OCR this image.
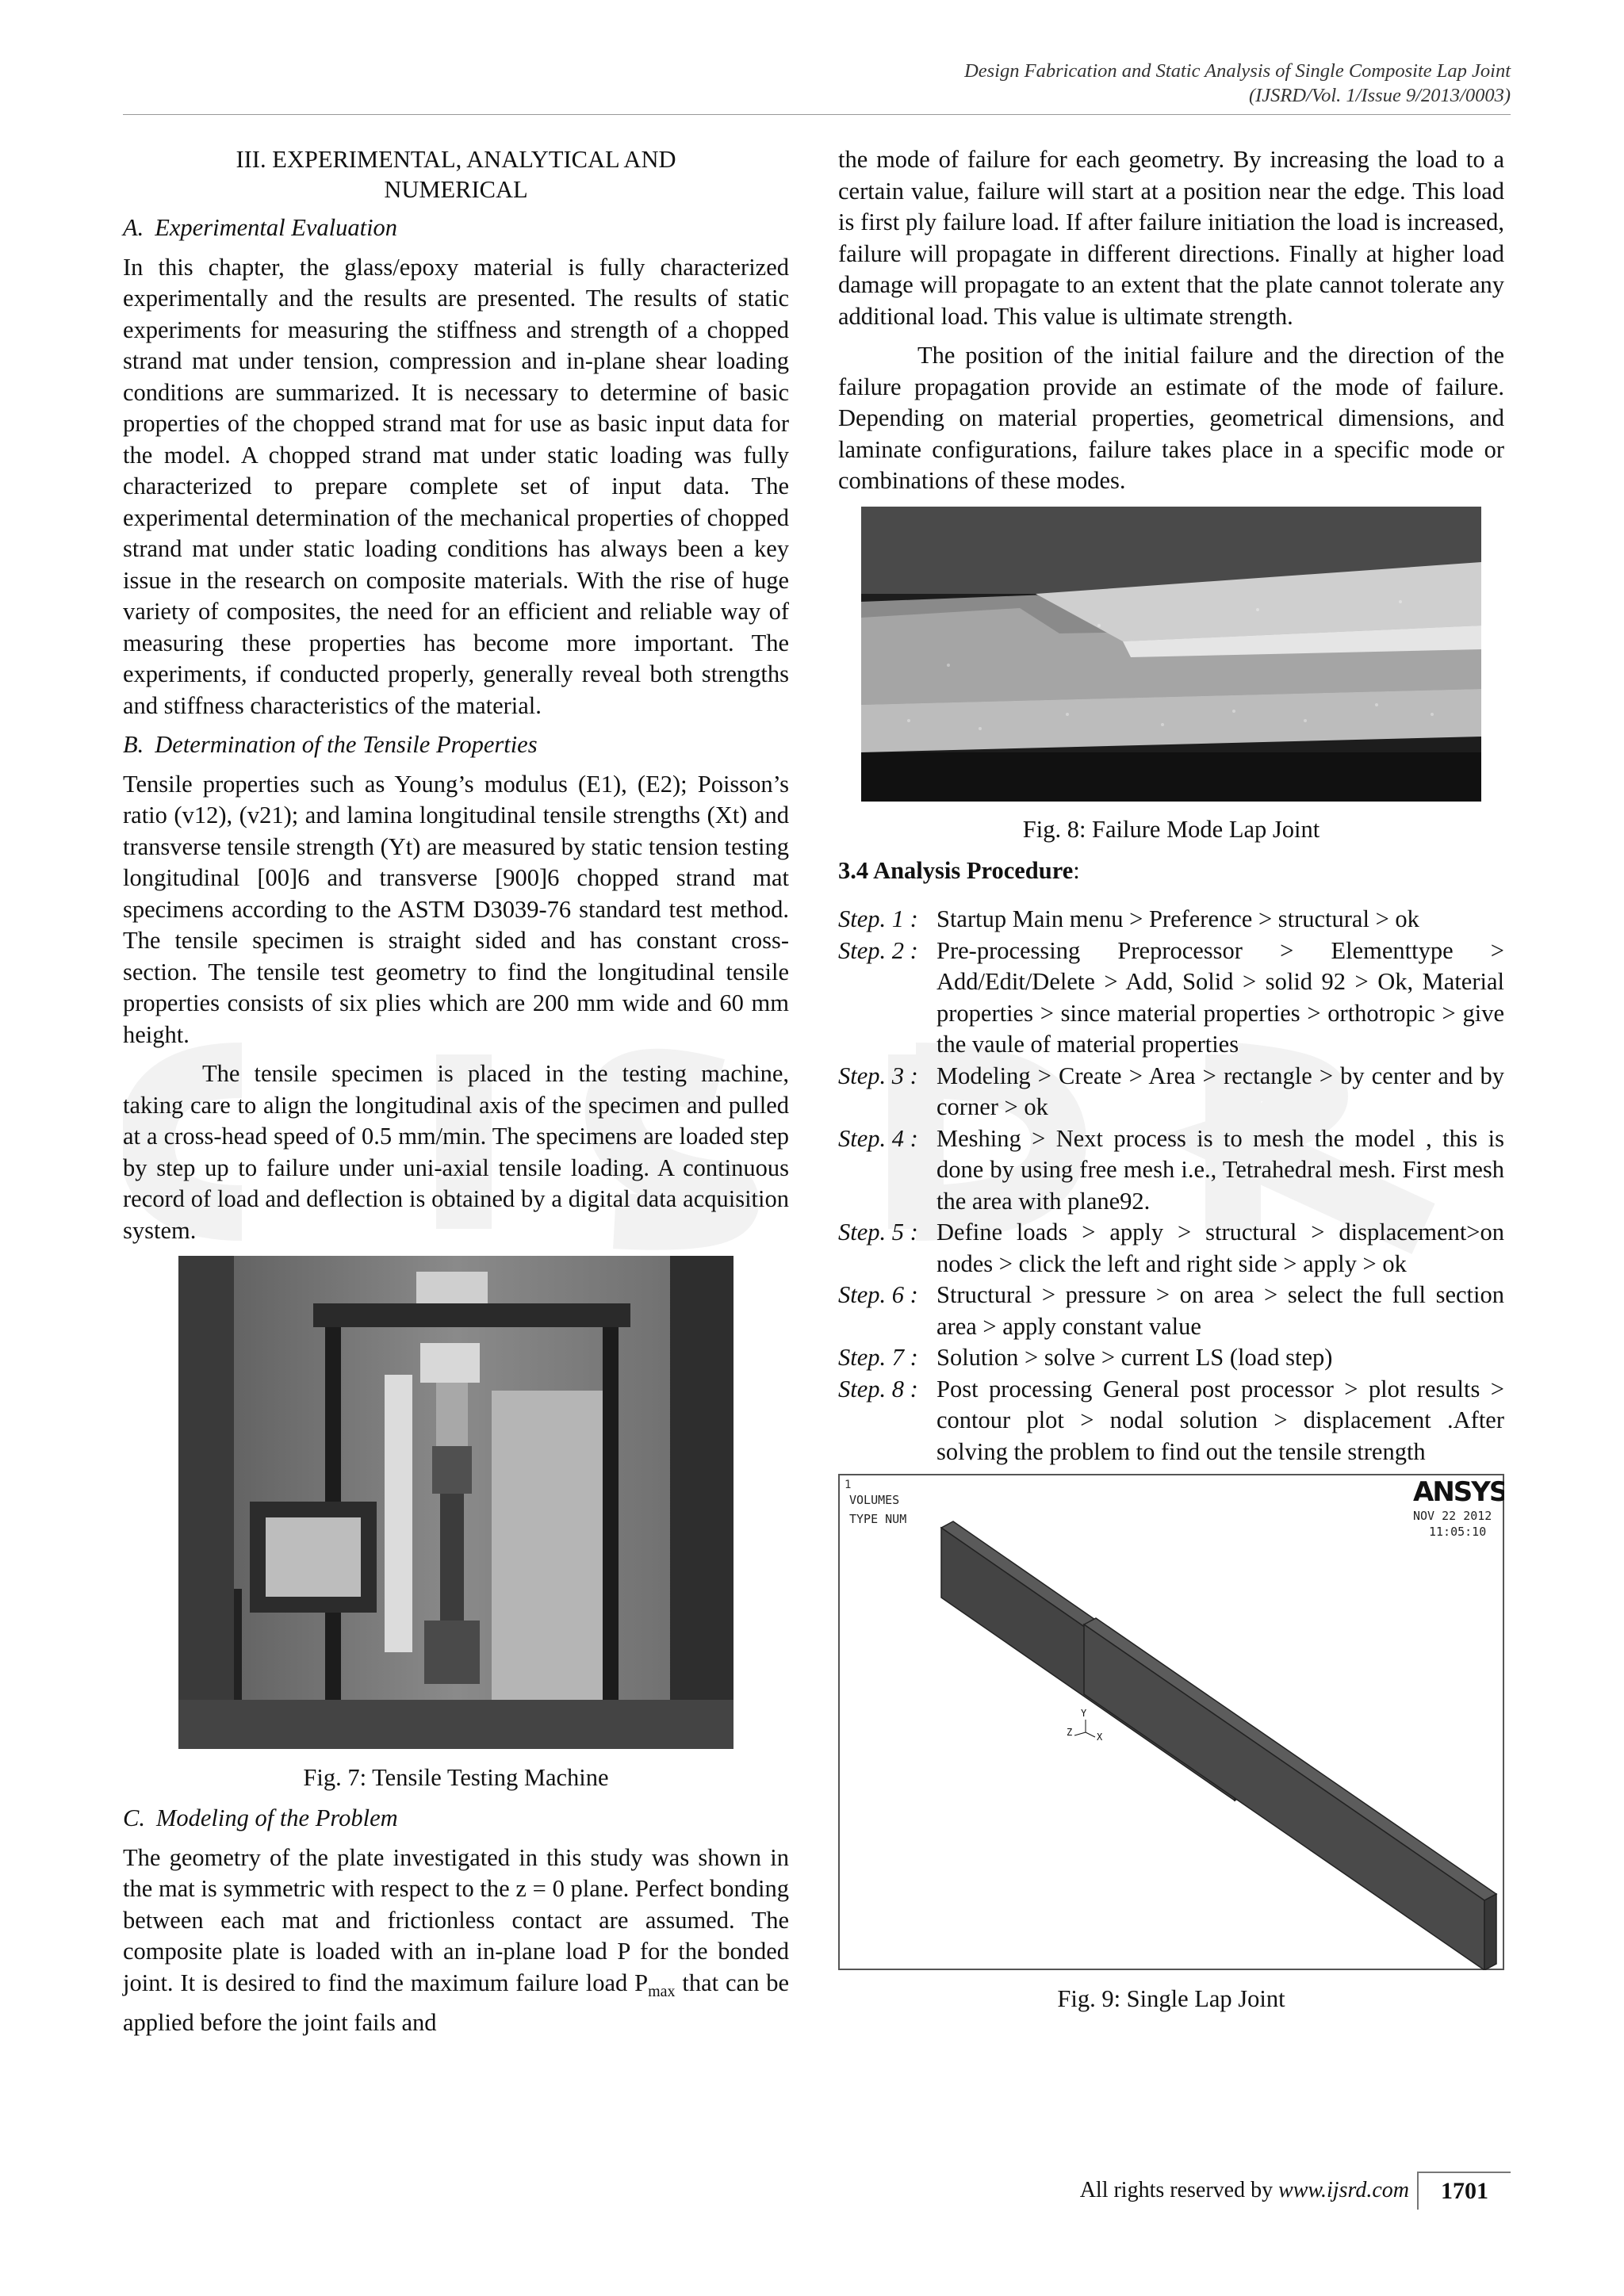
Design Fabrication and Static Analysis of Single Composite Lap Joint
(IJSRD/Vol. 1/Issue 9/2013/0003)
III. EXPERIMENTAL, ANALYTICAL AND NUMERICAL
A. Experimental Evaluation

In this chapter, the glass/epoxy material is fully characterized experimentally and the results are presented. The results of static experiments for measuring the stiffness and strength of a chopped strand mat under tension, compression and in-plane shear loading conditions are summarized. It is necessary to determine of basic properties of the chopped strand mat for use as basic input data for the model. A chopped strand mat under static loading was fully characterized to prepare complete set of input data. The experimental determination of the mechanical properties of chopped strand mat under static loading conditions has always been a key issue in the research on composite materials. With the rise of huge variety of composites, the need for an efficient and reliable way of measuring these properties has become more important. The experiments, if conducted properly, generally reveal both strengths and stiffness characteristics of the material.

B. Determination of the Tensile Properties

Tensile properties such as Young’s modulus (E1), (E2); Poisson’s ratio (v12), (v21); and lamina longitudinal tensile strengths (Xt) and transverse tensile strength (Yt) are measured by static tension testing longitudinal [00]6 and transverse [900]6 chopped strand mat specimens according to the ASTM D3039-76 standard test method. The tensile specimen is straight sided and has constant cross-section. The tensile test geometry to find the longitudinal tensile properties consists of six plies which are 200 mm wide and 60 mm height.

The tensile specimen is placed in the testing machine, taking care to align the longitudinal axis of the specimen and pulled at a cross-head speed of 0.5 mm/min. The specimens are loaded step by step up to failure under uni-axial tensile loading. A continuous record of load and deflection is obtained by a digital data acquisition system.

Fig. 7: Tensile Testing Machine
C. Modeling of the Problem

The geometry of the plate investigated in this study was shown in the mat is symmetric with respect to the z = 0 plane. Perfect bonding between each mat and frictionless contact are assumed. The composite plate is loaded with an in-plane load P for the bonded joint. It is desired to find the maximum failure load $P_{max}$ that can be applied before the joint fails and

the mode of failure for each geometry. By increasing the load to a certain value, failure will start at a position near the edge. This load is first ply failure load. If after failure initiation the load is increased, failure will propagate in different directions. Finally at higher load damage will propagate to an extent that the plate cannot tolerate any additional load. This value is ultimate strength.

The position of the initial failure and the direction of the failure propagation provide an estimate of the mode of failure. Depending on material properties, geometrical dimensions, and laminate configurations, failure takes place in a specific mode or combinations of these modes.

Fig. 8: Failure Mode Lap Joint
3.4 Analysis Procedure:
Step. 1 : Startup Main menu > Preference > structural > ok
Step. 2 : Pre-processing Preprocessor > Elementtype > Add/Edit/Delete > Add, Solid > solid 92 > Ok, Material properties > since material properties > orthotropic > give the vaule of material properties
Step. 3 : Modeling > Create > Area > rectangle > by center and by corner > ok
Step. 4 : Meshing > Next process is to mesh the model , this is done by using free mesh i.e., Tetrahedral mesh. First mesh the area with plane92.
Step. 5 : Define loads > apply > structural > displacement>on nodes > click the left and right side > apply > ok
Step. 6 : Structural > pressure > on area > select the full section area > apply constant value
Step. 7 : Solution > solve > current LS (load step)
Step. 8 : Post processing General post processor > plot results > contour plot > nodal solution > displacement .After solving the problem to find out the tensile strength
1
VOLUMES
TYPE NUM
ANSYS
NOV 22 2012
11:05:10
Y
Z	X
Fig. 9: Single Lap Joint
All rights reserved by www.ijsrd.com	1701
